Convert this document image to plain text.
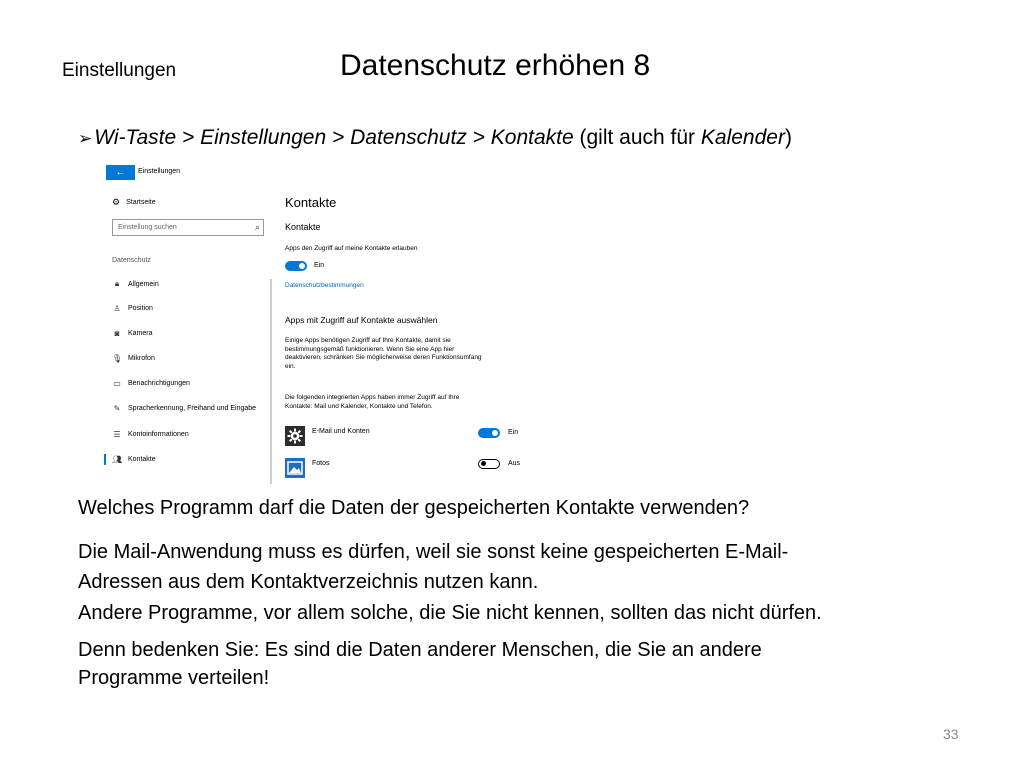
Einstellungen	Datenschutz erhöhen 8
➢Wi-Taste > Einstellungen > Datenschutz > Kontakte (gilt auch für Kalender)
←	Einstellungen
⚙ Startseite
Einstellung suchen	⌕
Datenschutz
🔒︎	Allgemein
♙ Position
◙	Kamera
🎙︎ Mikrofon
▭ Benachrichtigungen
✎ Spracherkennung, Freihand und Eingabe
☰ Kontoinformationen
👥︎ Kontakte
Kontakte
Kontakte
Apps den Zugriff auf meine Kontakte erlauben
Ein
Datenschutzbestimmungen
Apps mit Zugriff auf Kontakte auswählen
Einige Apps benötigen Zugriff auf Ihre Kontakte, damit sie
bestimmungsgemäß funktionieren. Wenn Sie eine App hier
deaktivieren, schränken Sie möglicherweise deren Funktionsumfang
ein.
Die folgenden integrierten Apps haben immer Zugriff auf Ihre
Kontakte: Mail und Kalender, Kontakte und Telefon.
E-Mail und Konten	Ein
Fotos	Aus
Welches Programm darf die Daten der gespeicherten Kontakte verwenden?
Die Mail-Anwendung muss es dürfen, weil sie sonst keine gespeicherten E-Mail-
Adressen aus dem Kontaktverzeichnis nutzen kann.
Andere Programme, vor allem solche, die Sie nicht kennen, sollten das nicht dürfen.
Denn bedenken Sie: Es sind die Daten anderer Menschen, die Sie an andere
Programme verteilen!
33
